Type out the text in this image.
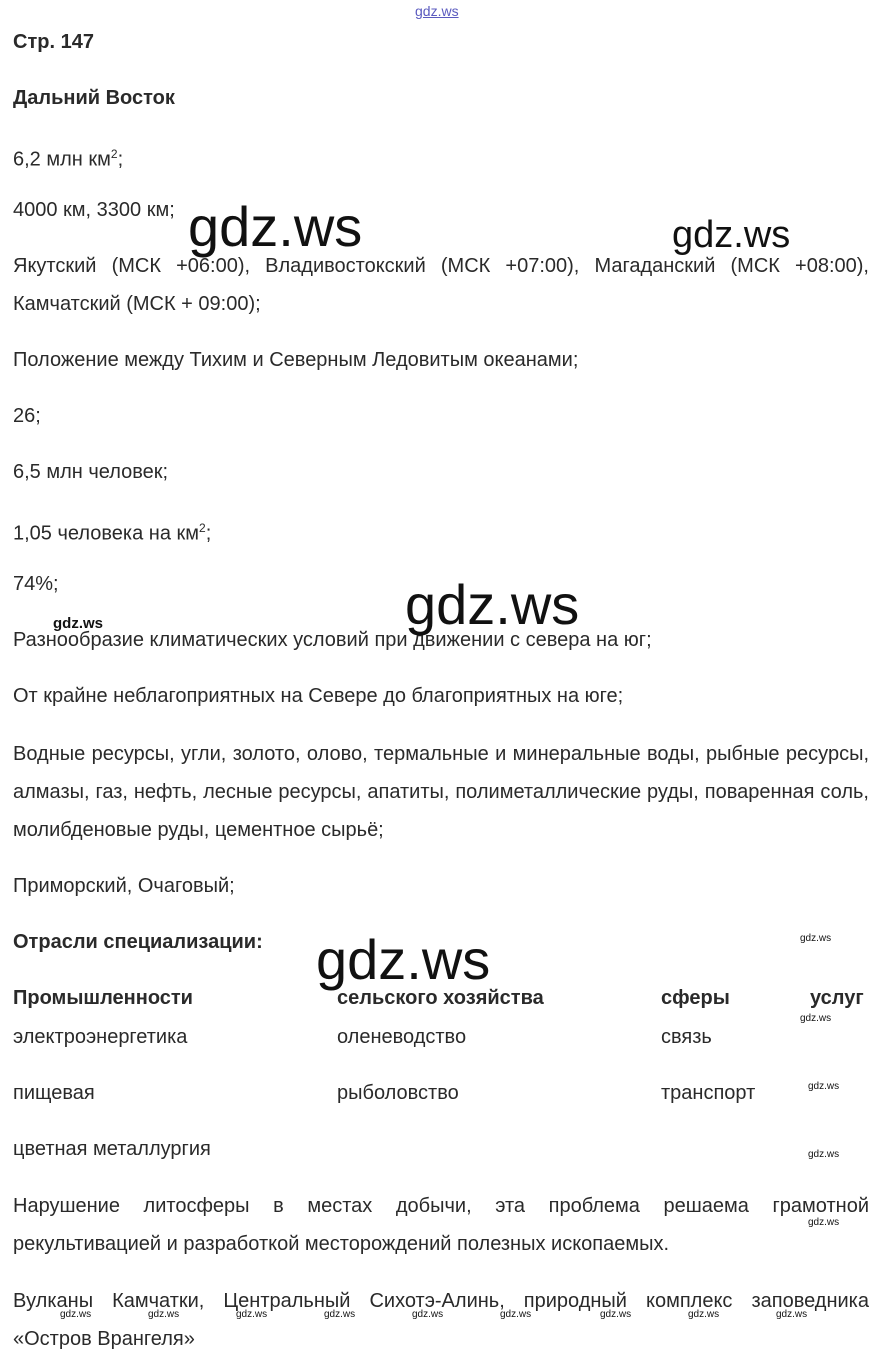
gdz.ws
Стр. 147
Дальний Восток
6,2 млн $км^2$;
4000 км, 3300 км;
Якутский (МСК +06:00), Владивостокский (МСК +07:00), Магаданский (МСК +08:00), Камчатский (МСК + 09:00);
Положение между Тихим и Северным Ледовитым океанами;
26;
6,5 млн человек;
1,05 человека на $км^2$;
74%;
Разнообразие климатических условий при движении с севера на юг;
От крайне неблагоприятных на Севере до благоприятных на юге;
Водные ресурсы, угли, золото, олово, термальные и минеральные воды, рыбные ресурсы, алмазы, газ, нефть, лесные ресурсы, апатиты, полиметаллические руды, поваренная соль, молибденовые руды, цементное сырьё;
Приморский, Очаговый;
Отрасли специализации:
Промышленности	сельского хозяйства	сферы	услуг
электроэнергетика	оленеводство	связь
пищевая	рыболовство	транспорт
цветная металлургия
Нарушение литосферы в местах добычи, эта проблема решаема грамотной рекультивацией и разработкой месторождений полезных ископаемых.
Вулканы Камчатки, Центральный Сихотэ-Алинь, природный комплекс заповедника «Остров Врангеля»
gdz.ws	gdz.ws
gdz.ws
gdz.ws
gdz.ws	gdz.ws
gdz.ws
gdz.ws
gdz.ws
gdz.ws
gdz.ws	gdz.ws	gdz.ws	gdz.ws	gdz.ws	gdz.ws	gdz.ws	gdz.ws	gdz.ws
